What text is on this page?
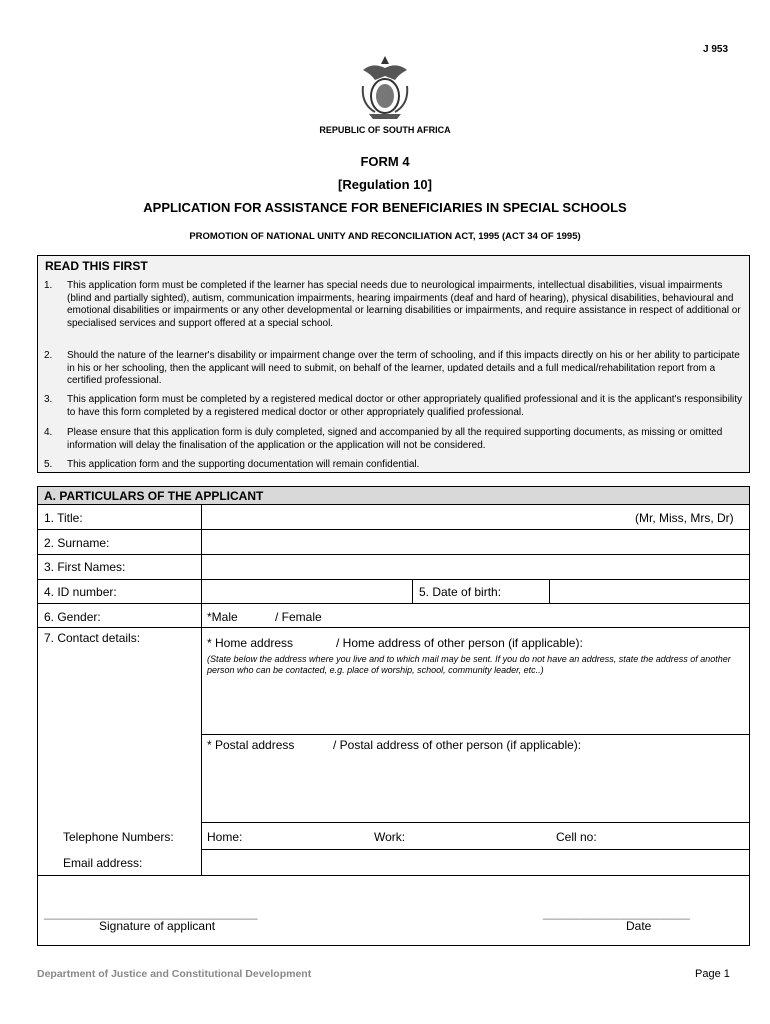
J 953
REPUBLIC OF SOUTH AFRICA
FORM 4
[Regulation 10]
APPLICATION FOR ASSISTANCE FOR BENEFICIARIES IN SPECIAL SCHOOLS
PROMOTION OF NATIONAL UNITY AND RECONCILIATION ACT, 1995 (ACT 34 OF 1995)
READ THIS FIRST
1. This application form must be completed if the learner has special needs due to neurological impairments, intellectual disabilities, visual impairments (blind and partially sighted), autism, communication impairments, hearing impairments (deaf and hard of hearing), physical disabilities, behavioural and emotional disabilities or impairments or any other developmental or learning disabilities or impairments, and require assistance in respect of additional or specialised services and support offered at a special school.
2. Should the nature of the learner's disability or impairment change over the term of schooling, and if this impacts directly on his or her ability to participate in his or her schooling, then the applicant will need to submit, on behalf of the learner, updated details and a full medical/rehabilitation report from a certified professional.
3. This application form must be completed by a registered medical doctor or other appropriately qualified professional and it is the applicant's responsibility to have this form completed by a registered medical doctor or other appropriately qualified professional.
4. Please ensure that this application form is duly completed, signed and accompanied by all the required supporting documents, as missing or omitted information will delay the finalisation of the application or the application will not be considered.
5. This application form and the supporting documentation will remain confidential.
A. PARTICULARS OF THE APPLICANT
1. Title:	(Mr, Miss, Mrs, Dr)
2. Surname:
3. First Names:
4. ID number:	5. Date of birth:
6. Gender:	*Male	/ Female
7. Contact details:	* Home address	/ Home address of other person (if applicable):
(State below the address where you live and to which mail may be sent. If you do not have an address, state the address of another person who can be contacted, e.g. place of worship, school, community leader, etc..)
* Postal address	/ Postal address of other person (if applicable):
Telephone Numbers:	Home:	Work:	Cell no:
Email address:
________________________________
Signature of applicant
______________________
Date
Department of Justice and Constitutional Development	Page 1
